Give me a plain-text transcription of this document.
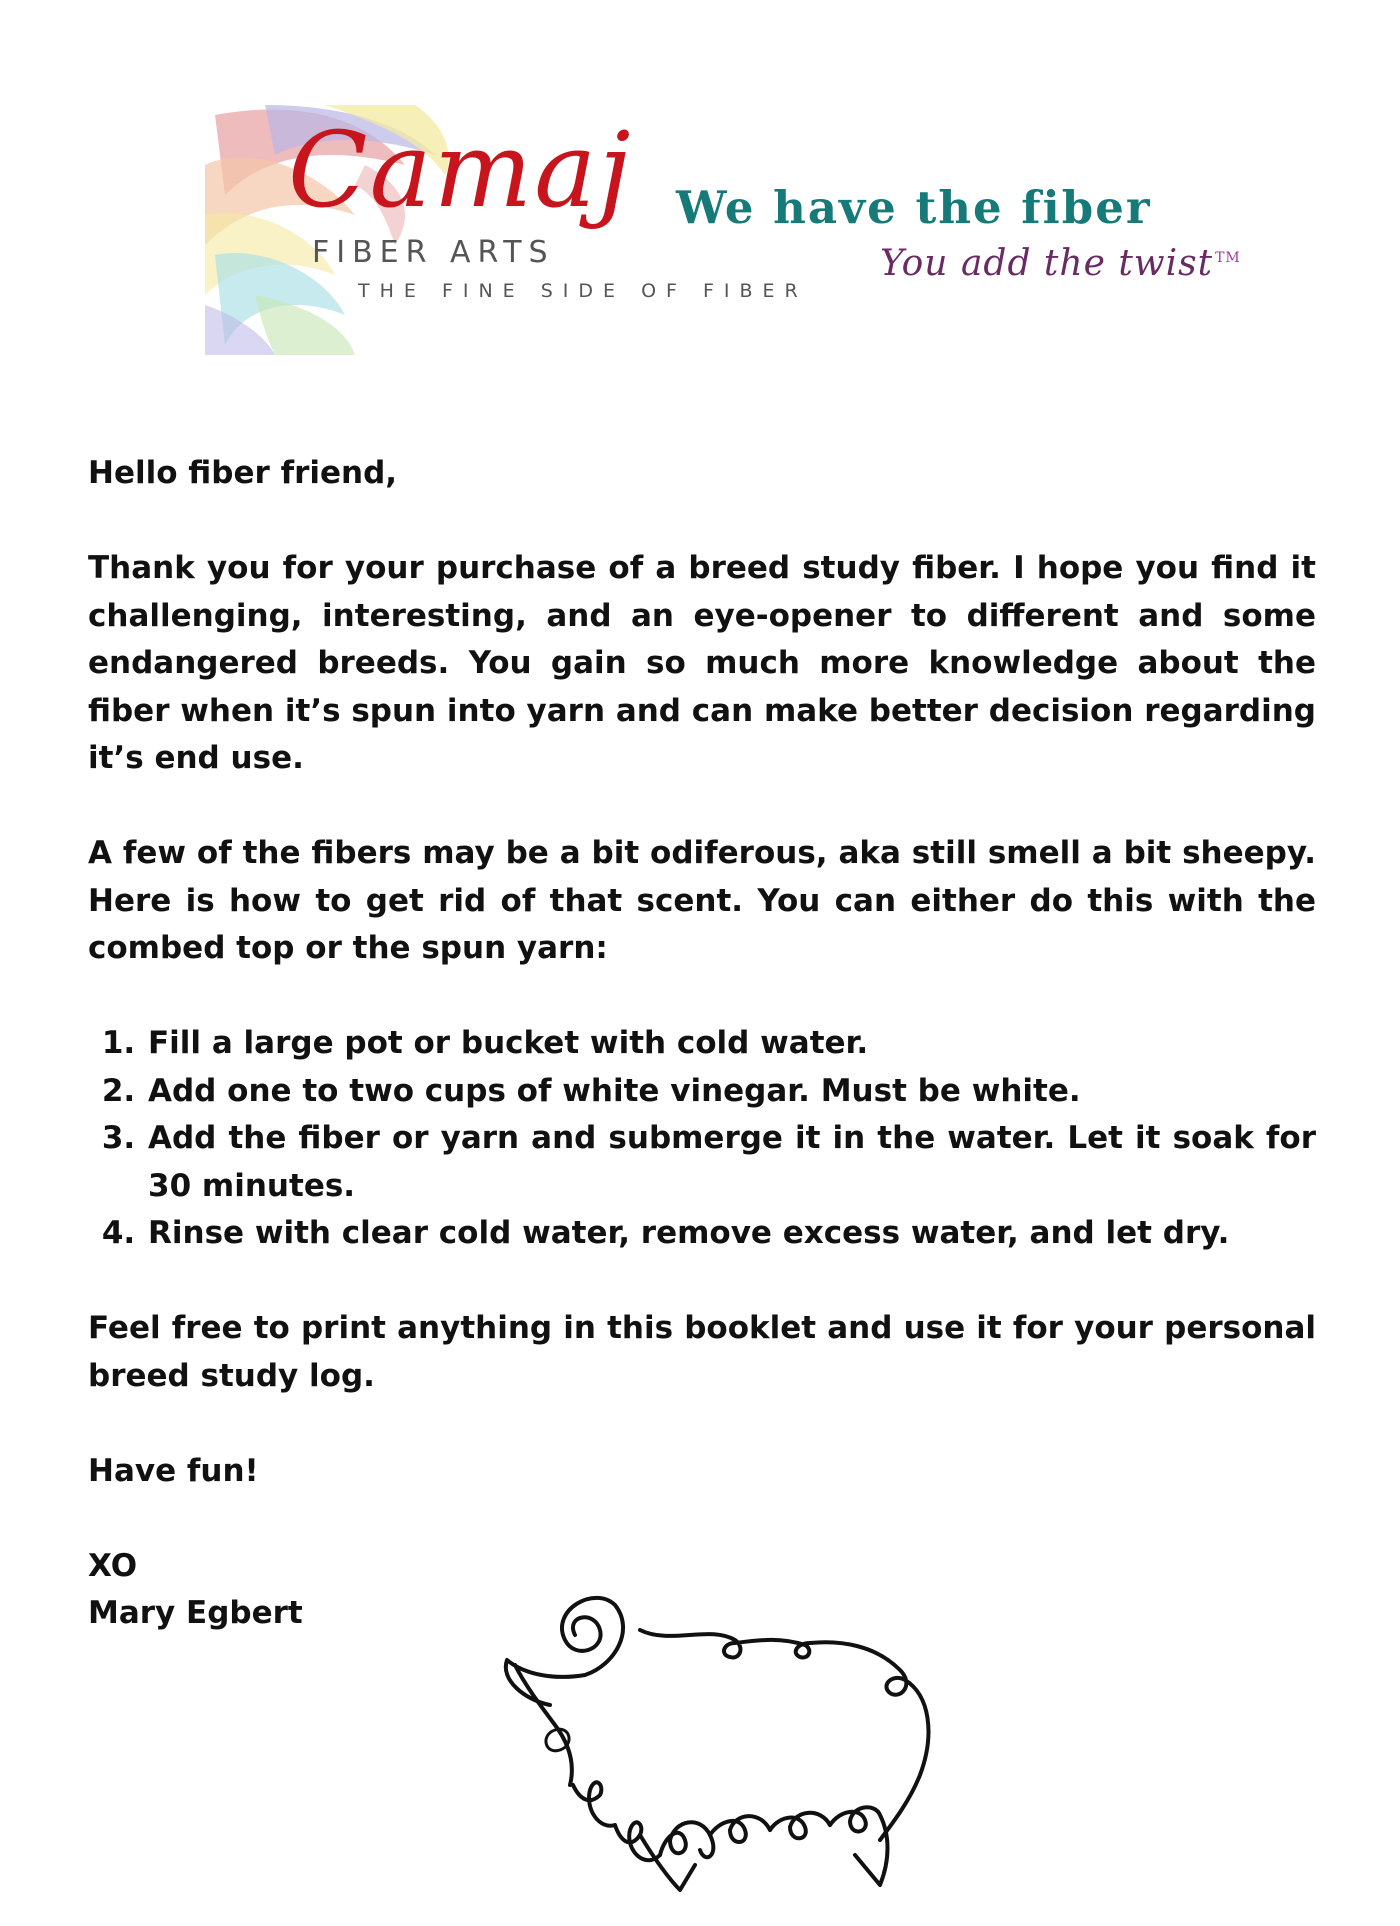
Camaj
FIBER ARTS
THE FINE SIDE OF FIBER
We have the fiber
You add the twist ™

Hello fiber friend,

Thank you for your purchase of a breed study fiber. I hope you find it challenging, interesting, and an eye-opener to different and some endangered breeds. You gain so much more knowledge about the fiber when it’s spun into yarn and can make better decision regarding it’s end use.

A few of the fibers may be a bit odiferous, aka still smell a bit sheepy. Here is how to get rid of that scent. You can either do this with the combed top or the spun yarn:

1. Fill a large pot or bucket with cold water.
2. Add one to two cups of white vinegar. Must be white.
3. Add the fiber or yarn and submerge it in the water. Let it soak for 30 minutes.
4. Rinse with clear cold water, remove excess water, and let dry.

Feel free to print anything in this booklet and use it for your personal breed study log.

Have fun!

XO

Mary Egbert
